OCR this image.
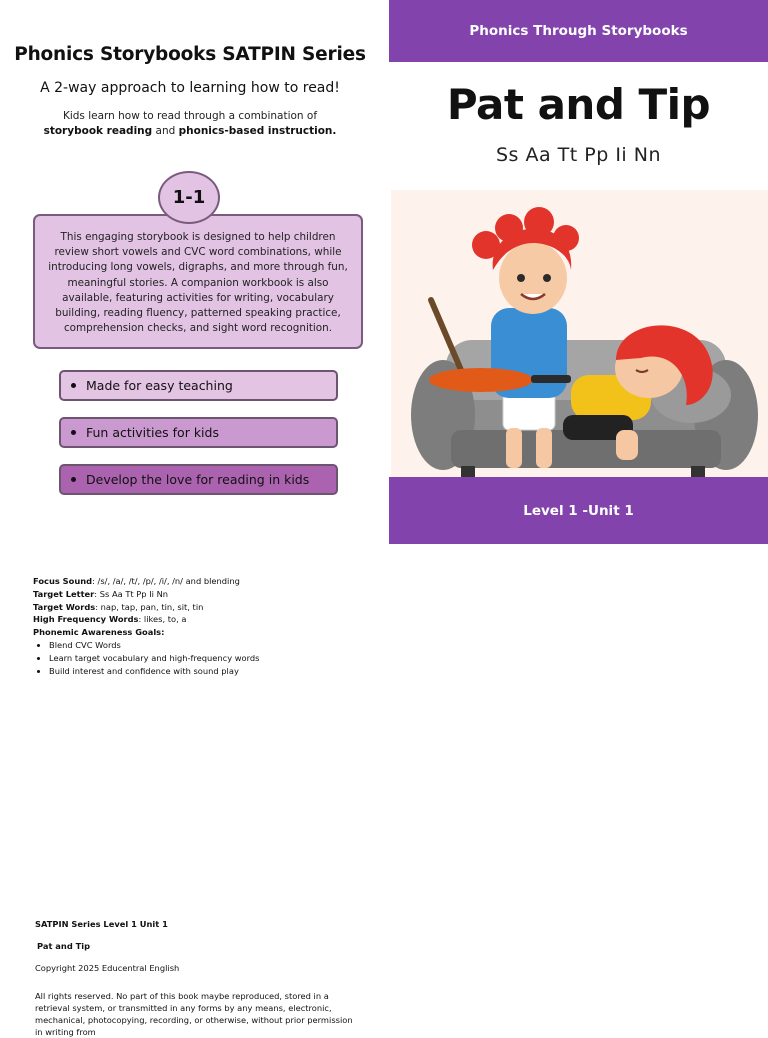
Phonics Storybooks SATPIN Series
A 2-way approach to learning how to read!
Kids learn how to read through a combination of
storybook reading and phonics-based instruction.
1-1
This engaging storybook is designed to help children review short vowels and CVC word combinations, while introducing long vowels, digraphs, and more through fun, meaningful stories. A companion workbook is also available, featuring activities for writing, vocabulary building, reading fluency, patterned speaking practice, comprehension checks, and sight word recognition.
Made for easy teaching
Fun activities for kids
Develop the love for reading in kids
Phonics Through Storybooks
Pat and Tip
Ss Aa Tt Pp Ii Nn
Level 1 -Unit 1
Focus Sound: /s/, /a/, /t/, /p/, /i/, /n/ and blending
Target Letter: Ss Aa Tt Pp Ii Nn
Target Words: nap, tap, pan, tin, sit, tin
High Frequency Words: likes, to, a
Phonemic Awareness Goals:
• Blend CVC Words
• Learn target vocabulary and high-frequency words
• Build interest and confidence with sound play
SATPIN Series Level 1 Unit 1
Pat and Tip
Copyright 2025 Educentral English
All rights reserved. No part of this book maybe reproduced, stored in a retrieval system, or transmitted in any forms by any means, electronic, mechanical, photocopying, recording, or otherwise, without prior permission in writing from
